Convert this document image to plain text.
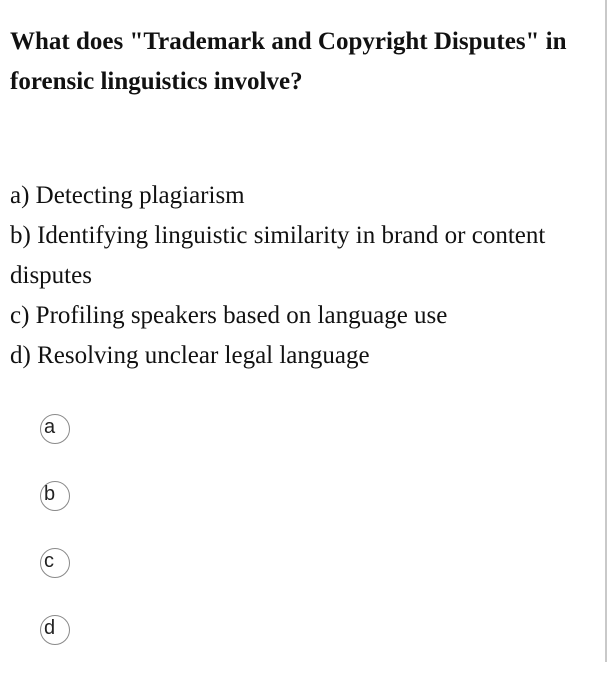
What does "Trademark and Copyright Disputes" in forensic linguistics involve?
a) Detecting plagiarism
b) Identifying linguistic similarity in brand or content disputes
c) Profiling speakers based on language use
d) Resolving unclear legal language
a
b
c
d
